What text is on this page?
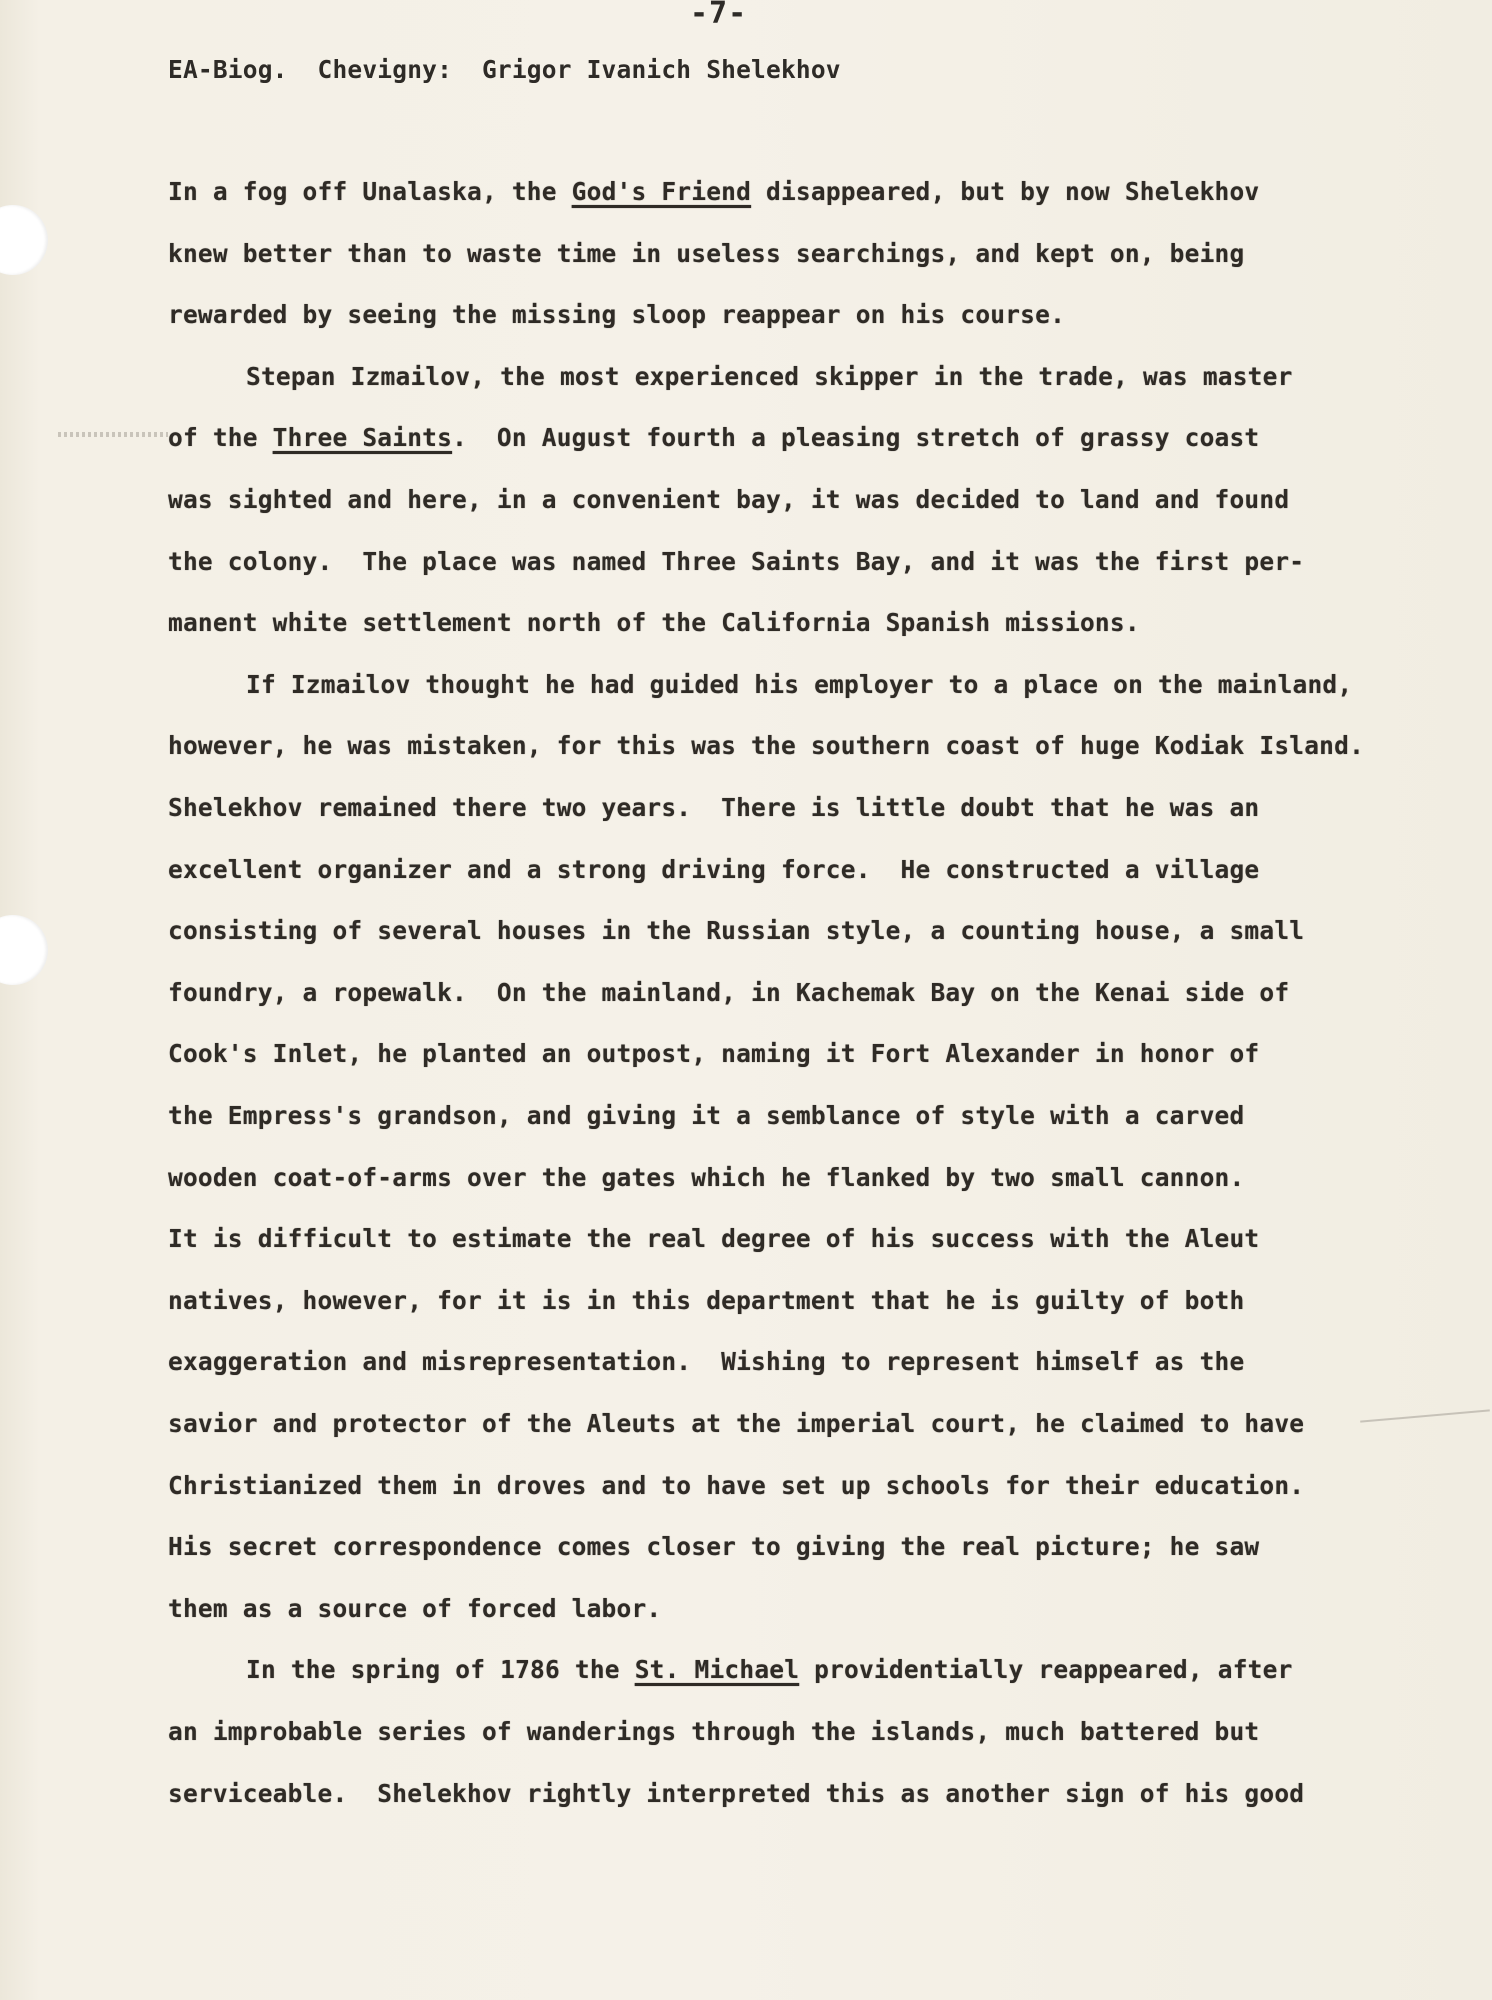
-7-
EA-Biog.  Chevigny:  Grigor Ivanich Shelekhov
In a fog off Unalaska, the God's Friend disappeared, but by now Shelekhov
knew better than to waste time in useless searchings, and kept on, being
rewarded by seeing the missing sloop reappear on his course.
Stepan Izmailov, the most experienced skipper in the trade, was master
of the Three Saints.  On August fourth a pleasing stretch of grassy coast
was sighted and here, in a convenient bay, it was decided to land and found
the colony.  The place was named Three Saints Bay, and it was the first per-
manent white settlement north of the California Spanish missions.
If Izmailov thought he had guided his employer to a place on the mainland,
however, he was mistaken, for this was the southern coast of huge Kodiak Island.
Shelekhov remained there two years.  There is little doubt that he was an
excellent organizer and a strong driving force.  He constructed a village
consisting of several houses in the Russian style, a counting house, a small
foundry, a ropewalk.  On the mainland, in Kachemak Bay on the Kenai side of
Cook's Inlet, he planted an outpost, naming it Fort Alexander in honor of
the Empress's grandson, and giving it a semblance of style with a carved
wooden coat-of-arms over the gates which he flanked by two small cannon.
It is difficult to estimate the real degree of his success with the Aleut
natives, however, for it is in this department that he is guilty of both
exaggeration and misrepresentation.  Wishing to represent himself as the
savior and protector of the Aleuts at the imperial court, he claimed to have
Christianized them in droves and to have set up schools for their education.
His secret correspondence comes closer to giving the real picture; he saw
them as a source of forced labor.
In the spring of 1786 the St. Michael providentially reappeared, after
an improbable series of wanderings through the islands, much battered but
serviceable.  Shelekhov rightly interpreted this as another sign of his good
